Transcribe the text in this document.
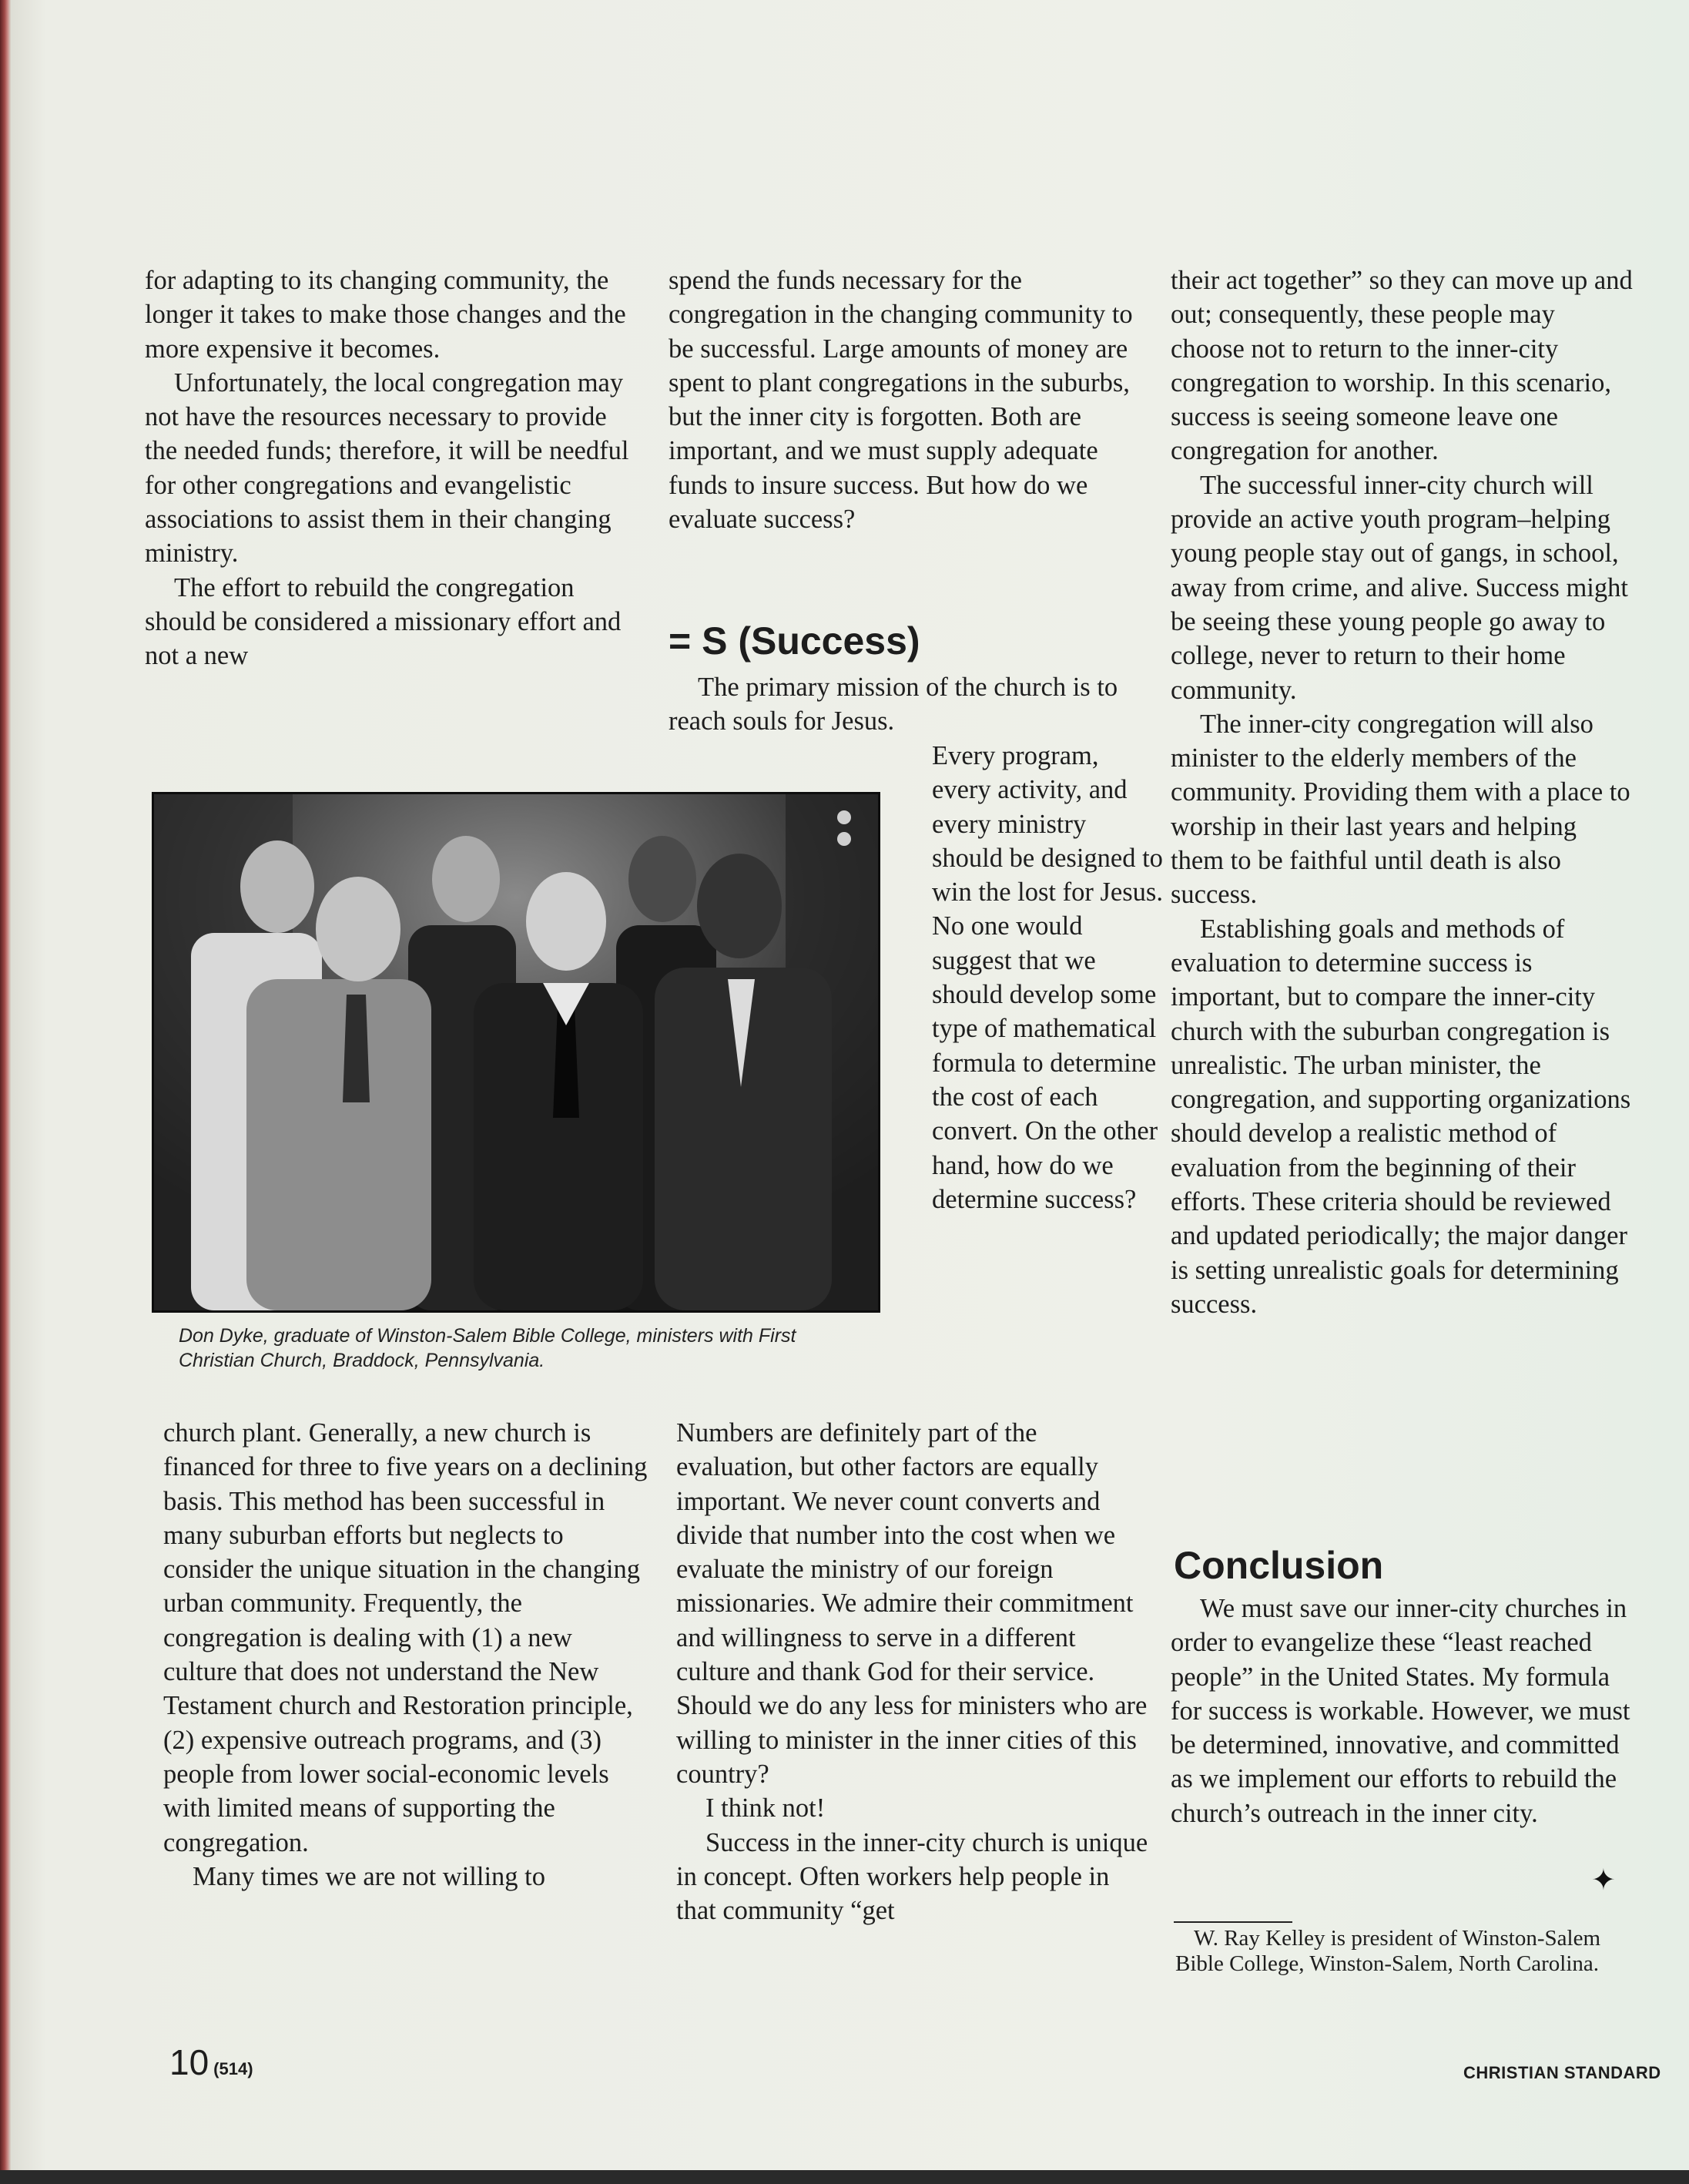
for adapting to its changing community, the longer it takes to make those changes and the more expensive it becomes.

Unfortunately, the local congregation may not have the resources necessary to provide the needed funds; therefore, it will be needful for other congregations and evangelistic associations to assist them in their changing ministry.

The effort to rebuild the congregation should be considered a missionary effort and not a new

Don Dyke, graduate of Winston-Salem Bible College, ministers with First Christian Church, Braddock, Pennsylvania.

church plant. Generally, a new church is financed for three to five years on a declining basis. This method has been successful in many suburban efforts but neglects to consider the unique situation in the changing urban community. Frequently, the congregation is dealing with (1) a new culture that does not understand the New Testament church and Restoration principle, (2) expensive outreach programs, and (3) people from lower social-economic levels with limited means of supporting the congregation.

Many times we are not willing to

spend the funds necessary for the congregation in the changing community to be successful. Large amounts of money are spent to plant congregations in the suburbs, but the inner city is forgotten. Both are important, and we must supply adequate funds to insure success. But how do we evaluate success?

= S (Success)

The primary mission of the church is to reach souls for Jesus.

Every program, every activity, and every ministry should be designed to win the lost for Jesus. No one would suggest that we should develop some type of mathematical formula to determine the cost of each convert. On the other hand, how do we determine success?

Numbers are definitely part of the evaluation, but other factors are equally important. We never count converts and divide that number into the cost when we evaluate the ministry of our foreign missionaries. We admire their commitment and willingness to serve in a different culture and thank God for their service. Should we do any less for ministers who are willing to minister in the inner cities of this country?

I think not!

Success in the inner-city church is unique in concept. Often workers help people in that community “get

their act together” so they can move up and out; consequently, these people may choose not to return to the inner-city congregation to worship. In this scenario, success is seeing someone leave one congregation for another.

The successful inner-city church will provide an active youth program–helping young people stay out of gangs, in school, away from crime, and alive. Success might be seeing these young people go away to college, never to return to their home community.

The inner-city congregation will also minister to the elderly members of the community. Providing them with a place to worship in their last years and helping them to be faithful until death is also success.

Establishing goals and methods of evaluation to determine success is important, but to compare the inner-city church with the suburban congregation is unrealistic. The urban minister, the congregation, and supporting organizations should develop a realistic method of evaluation from the beginning of their efforts. These criteria should be reviewed and updated periodically; the major danger is setting unrealistic goals for determining success.

Conclusion

We must save our inner-city churches in order to evangelize these “least reached people” in the United States. My formula for success is workable. However, we must be determined, innovative, and committed as we implement our efforts to rebuild the church’s outreach in the inner city.

✦

W. Ray Kelley is president of Winston-Salem Bible College, Winston-Salem, North Carolina.

10 (514)	CHRISTIAN STANDARD
